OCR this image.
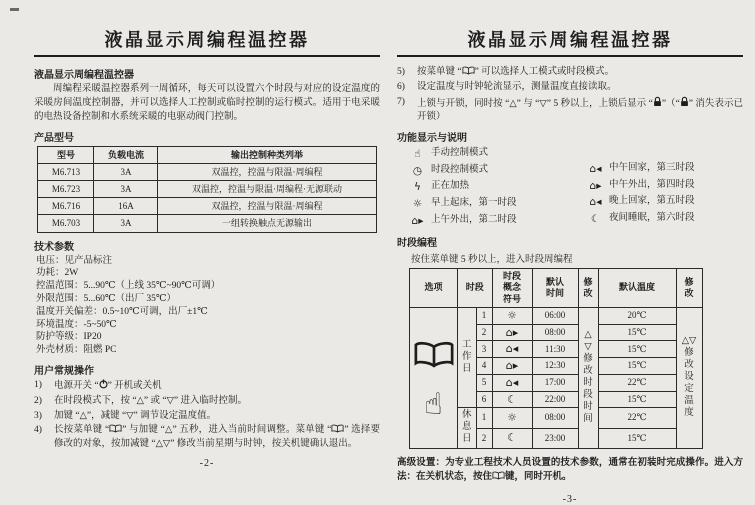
液晶显示周编程温控器
液晶显示周编程温控器

周编程采暖温控器系列一周循环，每天可以设置六个时段与对应的设定温度的采暖房间温度控制器，并可以选择人工控制或临时控制的运行模式。适用于电采暖的电热设备控制和水系统采暖的电驱动阀门控制。

产品型号
型号	负载电流	输出控制种类列举
M6.713	3A	双温控，控温与限温·周编程
M6.723	3A	双温控，控温与限温·周编程·无源联动
M6.716	16A	双温控，控温与限温·周编程
M6.703	3A	一组转换触点无源输出
技术参数
电压：见产品标注
功耗：2W
控温范围：5...90℃（上线 35℃~90℃可调）
外限范围：5...60℃（出厂 35℃）
温度开关偏差：0.5~10℃可调，出厂±1℃
环境温度：-5~50℃
防护等级：IP20
外壳材质：阻燃 PC
用户常规操作
1)	电源开关 “ ” 开机或关机
2)	在时段模式下，按 “△” 或 “▽” 进入临时控制。
3)	加键 “△”，减键 “▽” 调节设定温度值。
4)	长按菜单键 “ ” 与加键 “△” 五秒，进入当前时间调整。菜单键 “ ” 选择要修改的对象，按加减键 “△▽” 修改当前星期与时钟，按关机键确认退出。
-2-
液晶显示周编程温控器
5)	按菜单键 “ ” 可以选择人工模式或时段模式。
6)	设定温度与时钟轮流显示，测量温度直接读取。
7)	上锁与开锁，同时按 “△” 与 “▽” 5 秒以上，上锁后显示 “ ”（“ ” 消失表示已开锁）
功能显示与说明
☝	手动控制模式
◷ 时段控制模式
ϟ	正在加热
☼ 早上起床，第一时段
⌂▸ 上午外出，第二时段
⌂◂ 中午回家，第三时段
⌂▸ 中午外出，第四时段
⌂◂ 晚上回家，第五时段
☾ 夜间睡眠，第六时段
时段编程
按住菜单键 5 秒以上，进入时段周编程
选项	时段		时段概念符号	默认时间	修改	默认温度	修改

☝	工作日	1	☼	06:00	△▽修改时段时间	20℃	△▽修改设定温度
		2	⌂▸	08:00		15℃	
		3	⌂◂	11:30		15℃	
		4	⌂▸	12:30		15℃	
		5	⌂◂	17:00		22℃	
		6	☾	22:00		15℃	
	休息日	1	☼	08:00		22℃	
		2	☾	23:00		15℃	

高级设置：为专业工程技术人员设置的技术参数，通常在初装时完成操作。进入方法：在关机状态，按住 键，同时开机。

-3-
